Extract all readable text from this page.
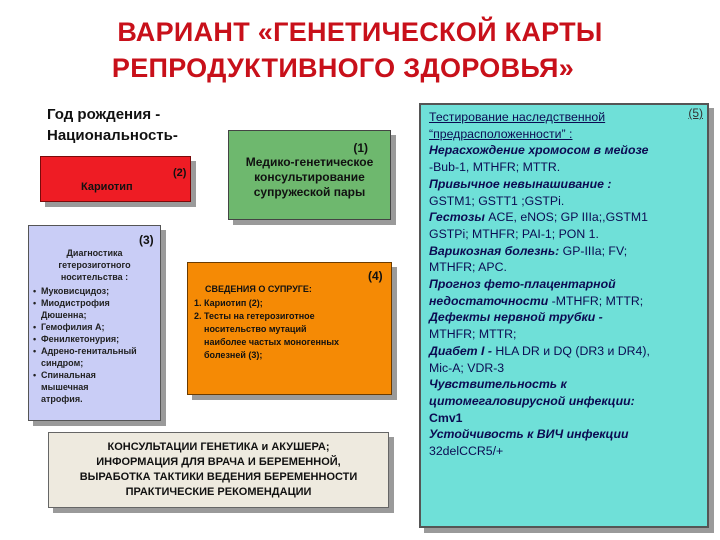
ВАРИАНТ «ГЕНЕТИЧЕСКОЙ КАРТЫ
РЕПРОДУКТИВНОГО ЗДОРОВЬЯ»
Год рождения -
Национальность-
(1)
Медико-генетическое
консультирование
супружеской пары
(2)
Кариотип
(3)
Диагностика
гетерозиготного
носительства :
• Муковисцидоз;
• Миодистрофия
Дюшенна;
• Гемофилия А;
• Фенилкетонурия;
• Адрено-генитальный
синдром;
• Спинальная
мышечная
атрофия.
(4)
СВЕДЕНИЯ О СУПРУГЕ:
1. Кариотип (2);
2. Тесты на гетерозиготное
носительство мутаций
наиболее частых моногенных
болезней (3);
КОНСУЛЬТАЦИИ ГЕНЕТИКА и АКУШЕРА;
ИНФОРМАЦИЯ ДЛЯ ВРАЧА И БЕРЕМЕННОЙ,
ВЫРАБОТКА ТАКТИКИ ВЕДЕНИЯ БЕРЕМЕННОСТИ
ПРАКТИЧЕСКИЕ РЕКОМЕНДАЦИИ
(5)
Тестирование наследственной
“предрасположенности” :
Нерасхождение хромосом в мейозе
-Bub-1, MTHFR; MTTR.
Привычное невынашивание :
GSTM1; GSTT1 ;GSTPi.
Гестозы ACE, eNOS; GP IIIa;,GSTM1
GSTPi; MTHFR; PAI-1; PON 1.
Варикозная болезнь: GP-IIIa; FV;
MTHFR; APC.
Прогноз фето-плацентарной
недостаточности -MTHFR; MTTR;
Дефекты нервной трубки -
MTHFR; MTTR;
Диабет I - HLA DR и DQ (DR3 и DR4),
Mic-A; VDR-3
Чувствительность к
цитомегаловирусной инфекции:
Cmv1
Устойчивость к ВИЧ инфекции
32delCCR5/+
